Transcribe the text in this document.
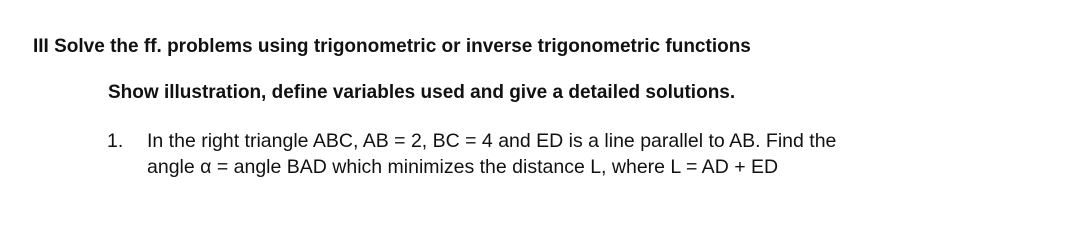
III Solve the ff. problems using trigonometric or inverse trigonometric functions
Show illustration, define variables used and give a detailed solutions.
1. In the right triangle ABC, AB = 2, BC = 4 and ED is a line parallel to AB. Find the
angle α = angle BAD which minimizes the distance L, where L = AD + ED
